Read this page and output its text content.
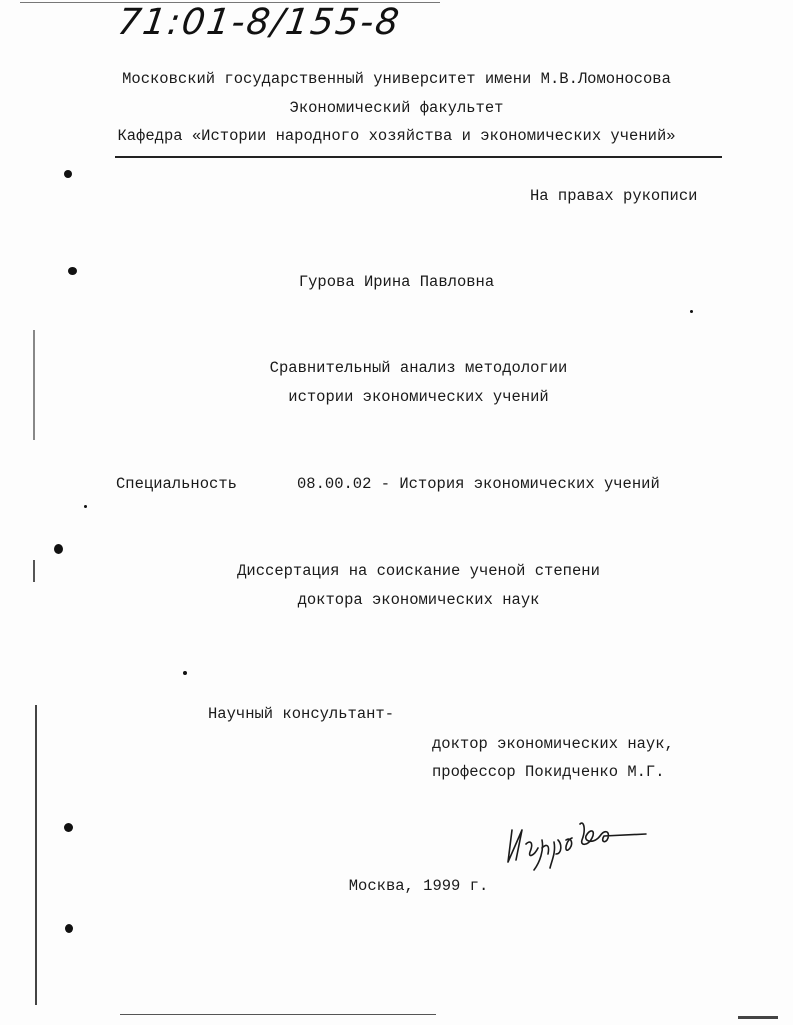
71:01-8/155-8
Московский государственный университет имени М.В.Ломоносова
Экономический факультет
Кафедра «Истории народного хозяйства и экономических учений»
На правах рукописи
Гурова Ирина Павловна
Сравнительный анализ методологии
истории экономических учений
Специальность	08.00.02 - История экономических учений
Диссертация на соискание ученой степени
доктора экономических наук
Научный консультант-
доктор экономических наук,
профессор Покидченко М.Г.
Москва, 1999 г.
